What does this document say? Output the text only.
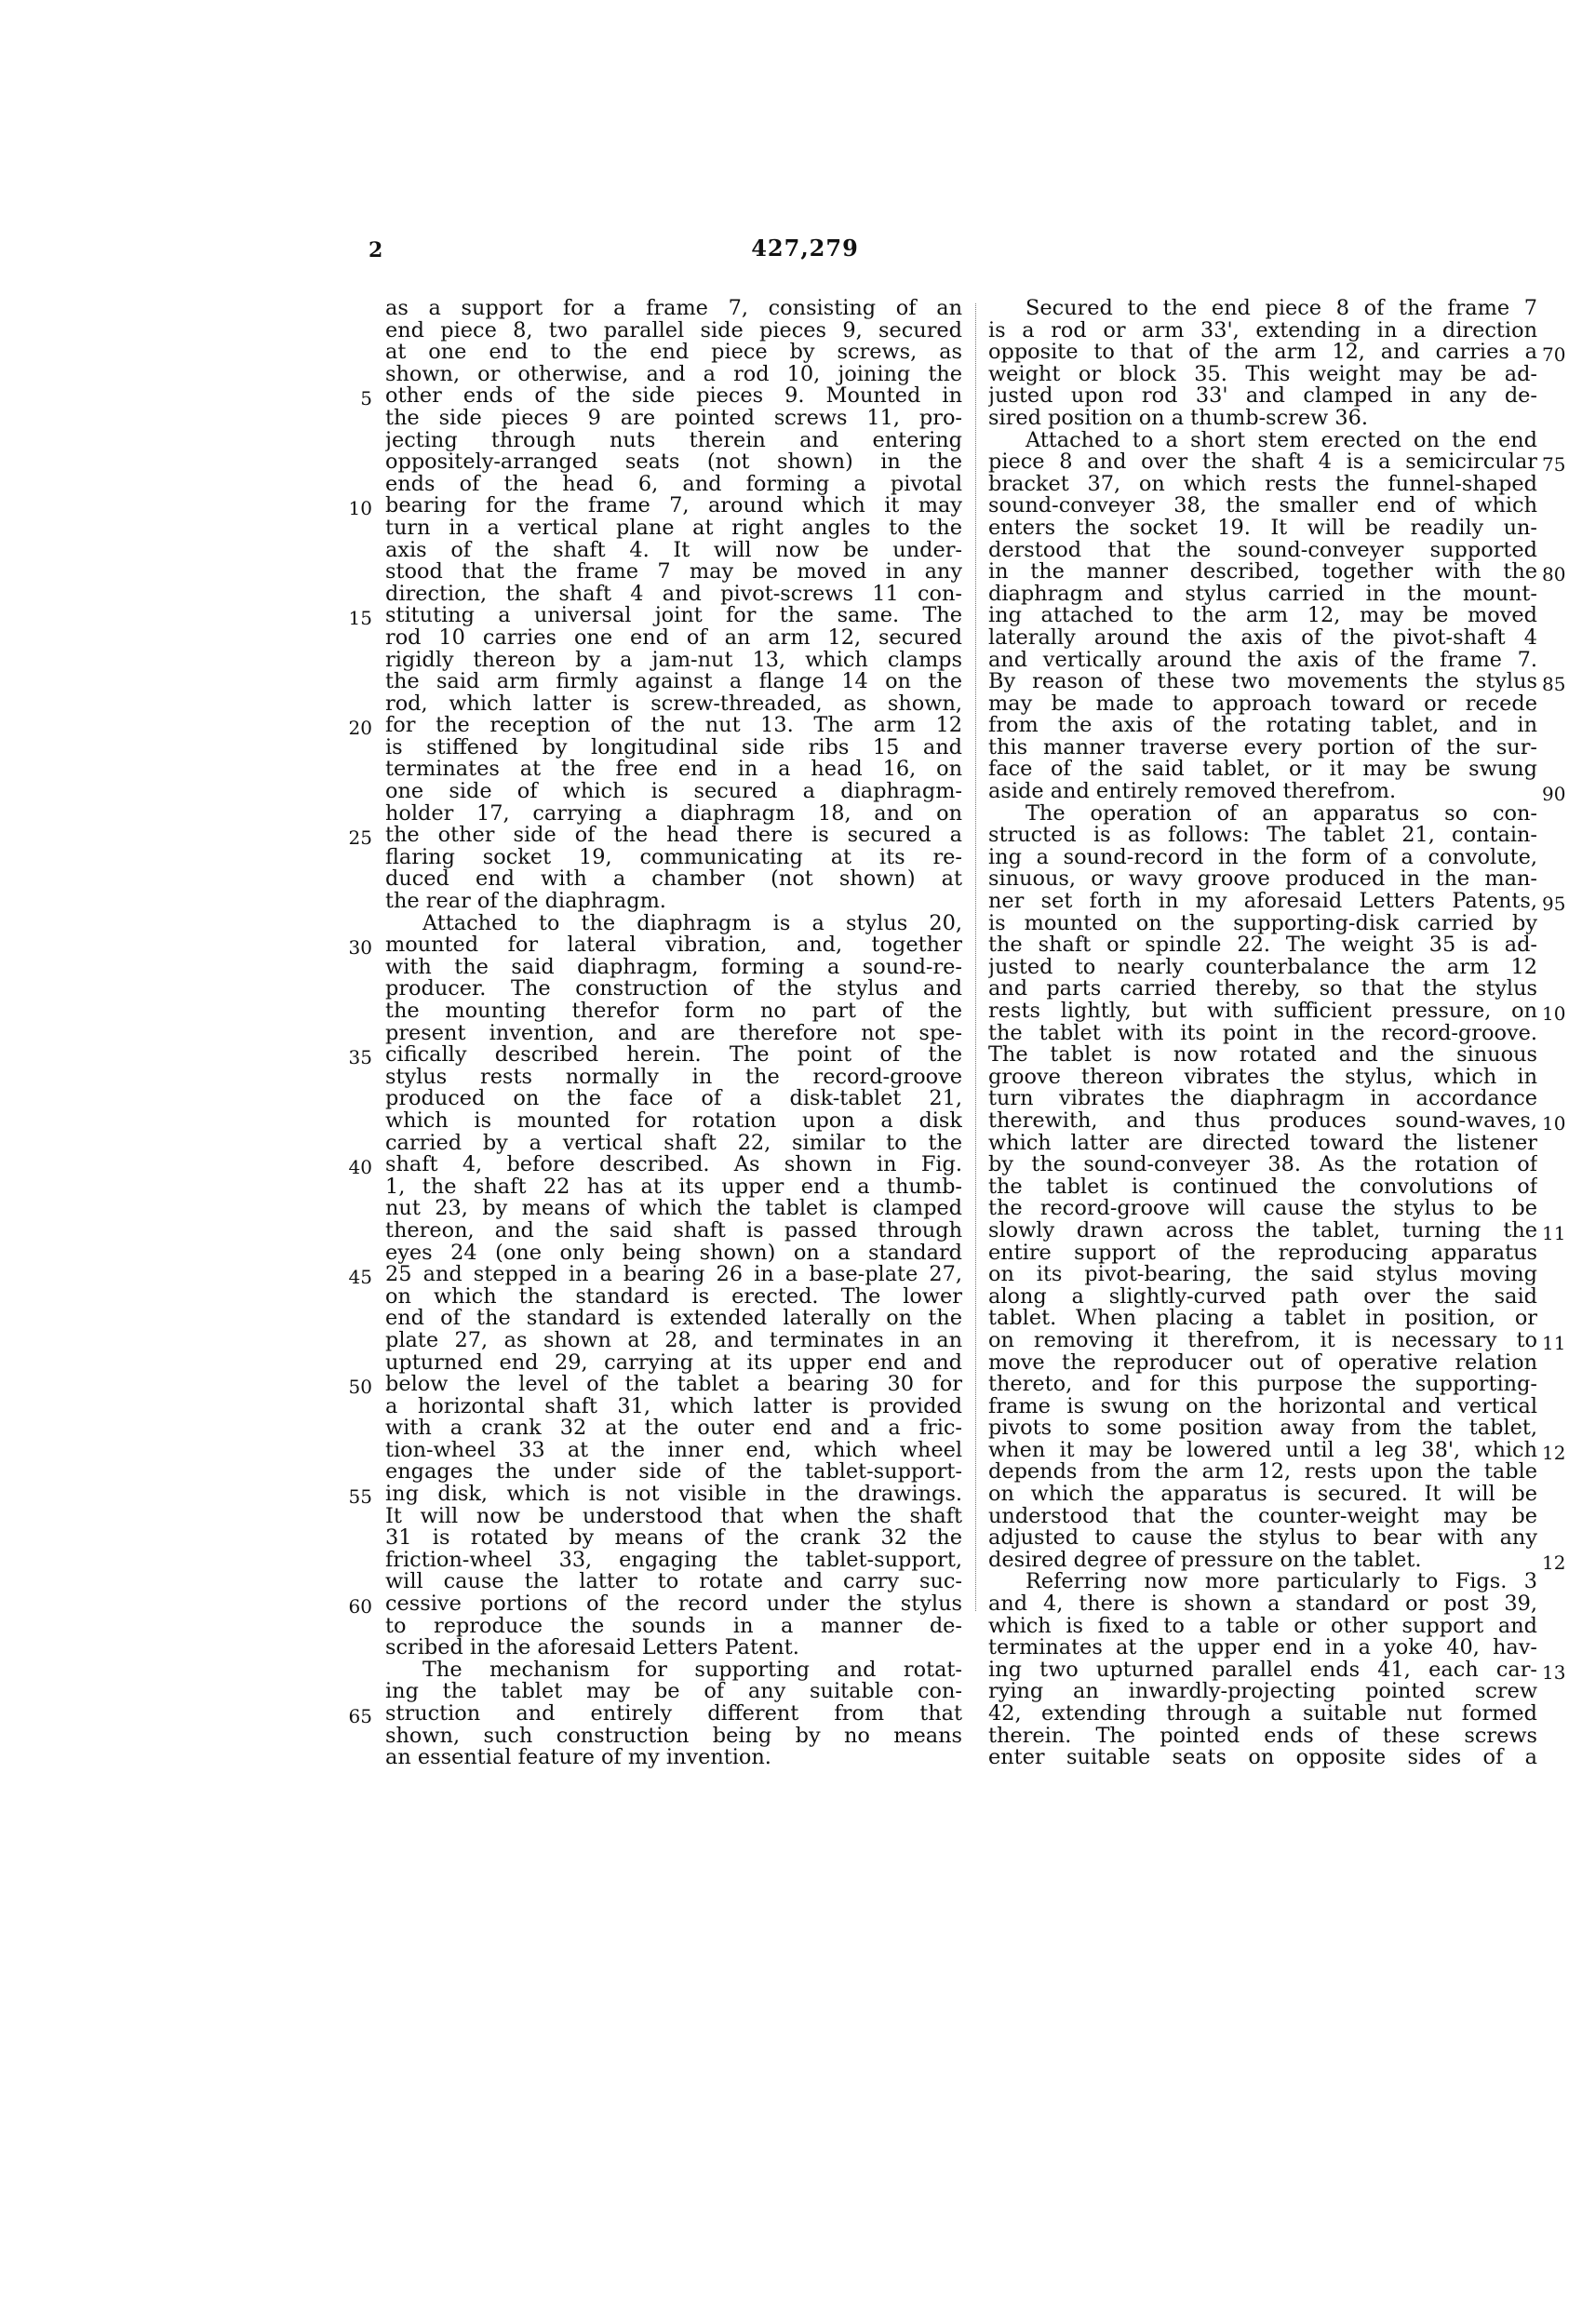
2	427,279
as a support for a frame 7, consisting of an
end piece 8, two parallel side pieces 9, secured
at one end to the end piece by screws, as
shown, or otherwise, and a rod 10, joining the
other ends of the side pieces 9. Mounted in
the side pieces 9 are pointed screws 11, pro-
jecting through nuts therein and entering
oppositely-arranged seats (not shown) in the
ends of the head 6, and forming a pivotal
bearing for the frame 7, around which it may
turn in a vertical plane at right angles to the
axis of the shaft 4. It will now be under-
stood that the frame 7 may be moved in any
direction, the shaft 4 and pivot-screws 11 con-
stituting a universal joint for the same. The
rod 10 carries one end of an arm 12, secured
rigidly thereon by a jam-nut 13, which clamps
the said arm firmly against a flange 14 on the
rod, which latter is screw-threaded, as shown,
for the reception of the nut 13. The arm 12
is stiffened by longitudinal side ribs 15 and
terminates at the free end in a head 16, on
one side of which is secured a diaphragm-
holder 17, carrying a diaphragm 18, and on
the other side of the head there is secured a
flaring socket 19, communicating at its re-
duced end with a chamber (not shown) at
the rear of the diaphragm.
Attached to the diaphragm is a stylus 20,
mounted for lateral vibration, and, together
with the said diaphragm, forming a sound-re-
producer. The construction of the stylus and
the mounting therefor form no part of the
present invention, and are therefore not spe-
cifically described herein. The point of the
stylus rests normally in the record-groove
produced on the face of a disk-tablet 21,
which is mounted for rotation upon a disk
carried by a vertical shaft 22, similar to the
shaft 4, before described. As shown in Fig.
1, the shaft 22 has at its upper end a thumb-
nut 23, by means of which the tablet is clamped
thereon, and the said shaft is passed through
eyes 24 (one only being shown) on a standard
25 and stepped in a bearing 26 in a base-plate 27,
on which the standard is erected. The lower
end of the standard is extended laterally on the
plate 27, as shown at 28, and terminates in an
upturned end 29, carrying at its upper end and
below the level of the tablet a bearing 30 for
a horizontal shaft 31, which latter is provided
with a crank 32 at the outer end and a fric-
tion-wheel 33 at the inner end, which wheel
engages the under side of the tablet-support-
ing disk, which is not visible in the drawings.
It will now be understood that when the shaft
31 is rotated by means of the crank 32 the
friction-wheel 33, engaging the tablet-support,
will cause the latter to rotate and carry suc-
cessive portions of the record under the stylus
to reproduce the sounds in a manner de-
scribed in the aforesaid Letters Patent.
The mechanism for supporting and rotat-
ing the tablet may be of any suitable con-
struction and entirely different from that
shown, such construction being by no means
an essential feature of my invention.
Secured to the end piece 8 of the frame 7
is a rod or arm 33', extending in a direction
opposite to that of the arm 12, and carries a
weight or block 35. This weight may be ad-
justed upon rod 33' and clamped in any de-
sired position on a thumb-screw 36.
Attached to a short stem erected on the end
piece 8 and over the shaft 4 is a semicircular
bracket 37, on which rests the funnel-shaped
sound-conveyer 38, the smaller end of which
enters the socket 19. It will be readily un-
derstood that the sound-conveyer supported
in the manner described, together with the
diaphragm and stylus carried in the mount-
ing attached to the arm 12, may be moved
laterally around the axis of the pivot-shaft 4
and vertically around the axis of the frame 7.
By reason of these two movements the stylus
may be made to approach toward or recede
from the axis of the rotating tablet, and in
this manner traverse every portion of the sur-
face of the said tablet, or it may be swung
aside and entirely removed therefrom.
The operation of an apparatus so con-
structed is as follows: The tablet 21, contain-
ing a sound-record in the form of a convolute,
sinuous, or wavy groove produced in the man-
ner set forth in my aforesaid Letters Patents,
is mounted on the supporting-disk carried by
the shaft or spindle 22. The weight 35 is ad-
justed to nearly counterbalance the arm 12
and parts carried thereby, so that the stylus
rests lightly, but with sufficient pressure, on
the tablet with its point in the record-groove.
The tablet is now rotated and the sinuous
groove thereon vibrates the stylus, which in
turn vibrates the diaphragm in accordance
therewith, and thus produces sound-waves,
which latter are directed toward the listener
by the sound-conveyer 38. As the rotation of
the tablet is continued the convolutions of
the record-groove will cause the stylus to be
slowly drawn across the tablet, turning the
entire support of the reproducing apparatus
on its pivot-bearing, the said stylus moving
along a slightly-curved path over the said
tablet. When placing a tablet in position, or
on removing it therefrom, it is necessary to
move the reproducer out of operative relation
thereto, and for this purpose the supporting-
frame is swung on the horizontal and vertical
pivots to some position away from the tablet,
when it may be lowered until a leg 38', which
depends from the arm 12, rests upon the table
on which the apparatus is secured. It will be
understood that the counter-weight may be
adjusted to cause the stylus to bear with any
desired degree of pressure on the tablet.
Referring now more particularly to Figs. 3
and 4, there is shown a standard or post 39,
which is fixed to a table or other support and
terminates at the upper end in a yoke 40, hav-
ing two upturned parallel ends 41, each car-
rying an inwardly-projecting pointed screw
42, extending through a suitable nut formed
therein. The pointed ends of these screws
enter suitable seats on opposite sides of a
5
10
15
20
25
30
35
40
45
50
55
60
65
70
75
80
85
90
95
10
10
11
11
12
12
13
